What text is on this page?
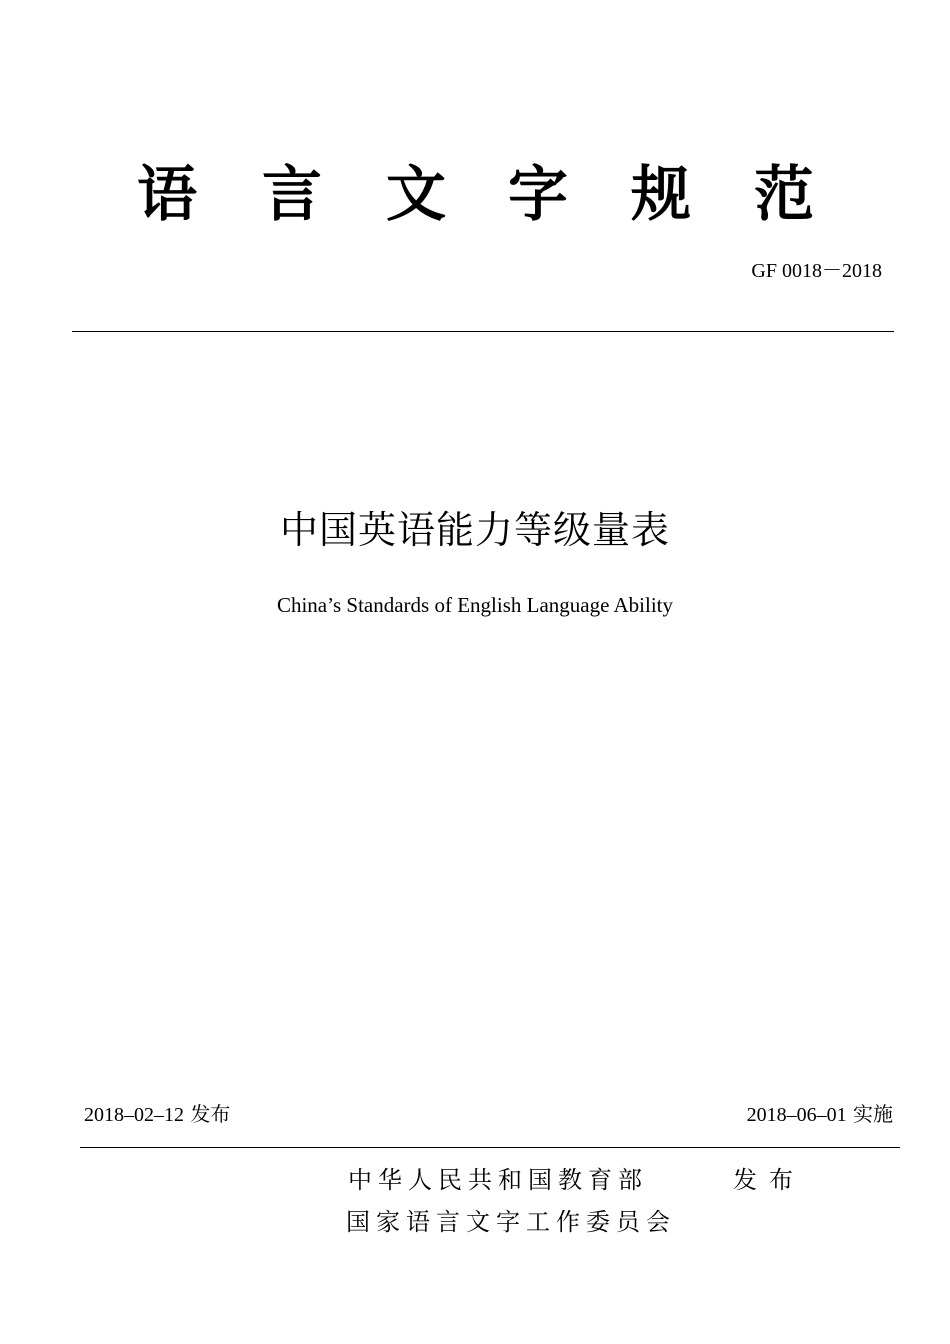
语 言 文 字 规 范
GF 0018－2018
中国英语能力等级量表
China’s Standards of English Language Ability
2018–02–12 发布	2018–06–01 实施
中华人民共和国教育部	发布
国家语言文字工作委员会
